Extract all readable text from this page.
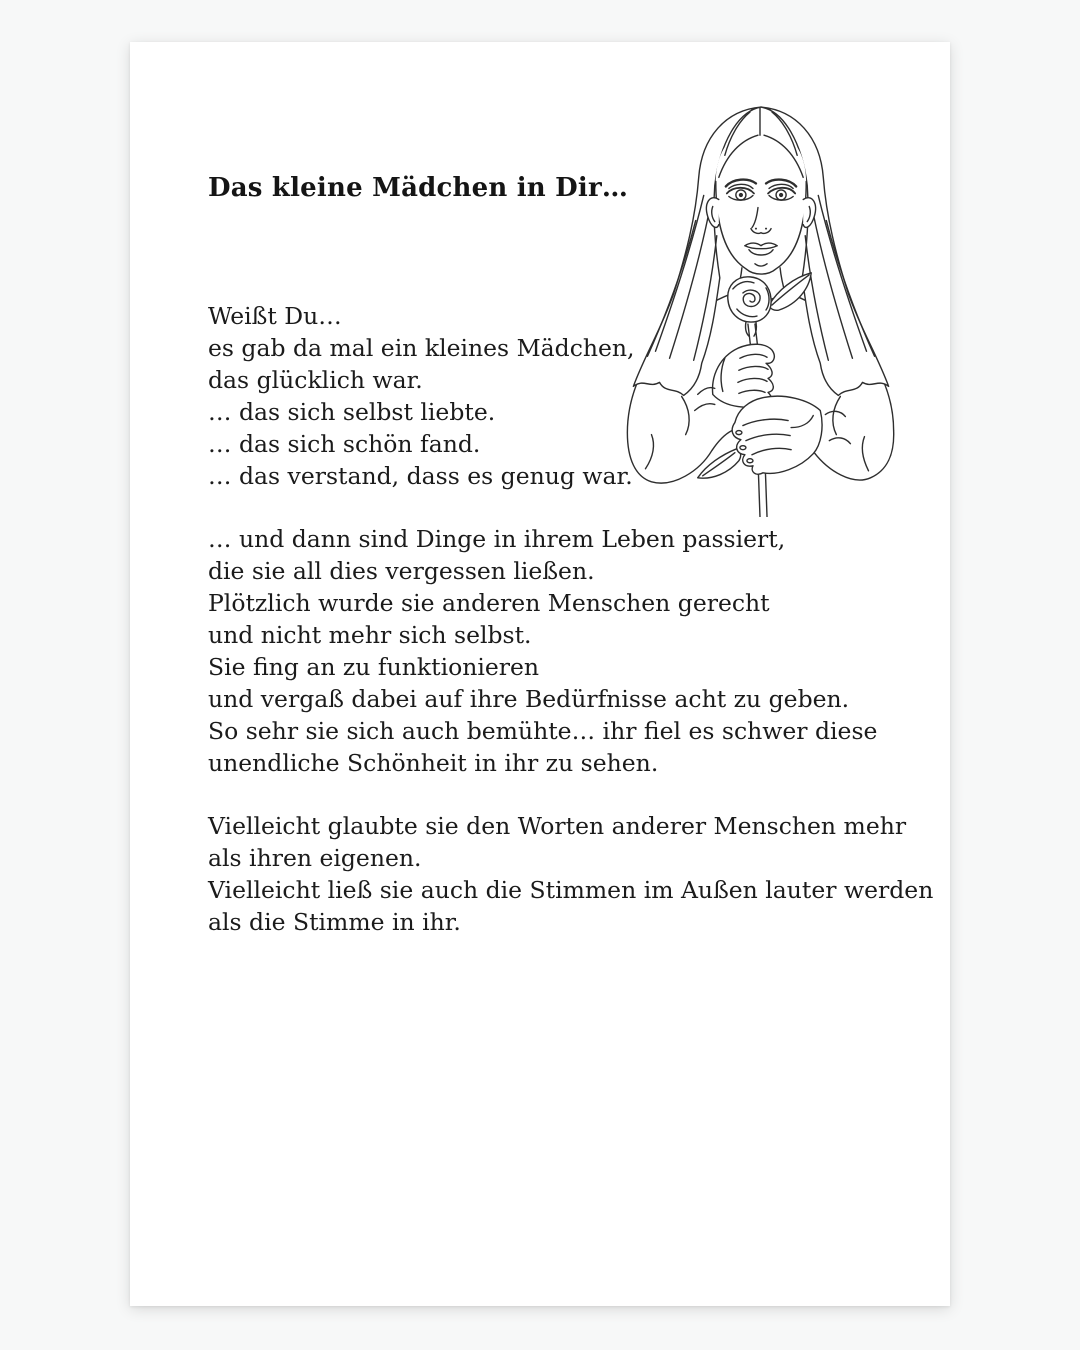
Das kleine Mädchen in Dir…

Weißt Du…
es gab da mal ein kleines Mädchen,
das glücklich war.
… das sich selbst liebte.
… das sich schön fand.
… das verstand, dass es genug war.

… und dann sind Dinge in ihrem Leben passiert,
die sie all dies vergessen ließen.
Plötzlich wurde sie anderen Menschen gerecht
und nicht mehr sich selbst.
Sie fing an zu funktionieren
und vergaß dabei auf ihre Bedürfnisse acht zu geben.
So sehr sie sich auch bemühte… ihr fiel es schwer diese
unendliche Schönheit in ihr zu sehen.

Vielleicht glaubte sie den Worten anderer Menschen mehr
als ihren eigenen.
Vielleicht ließ sie auch die Stimmen im Außen lauter werden
als die Stimme in ihr.
